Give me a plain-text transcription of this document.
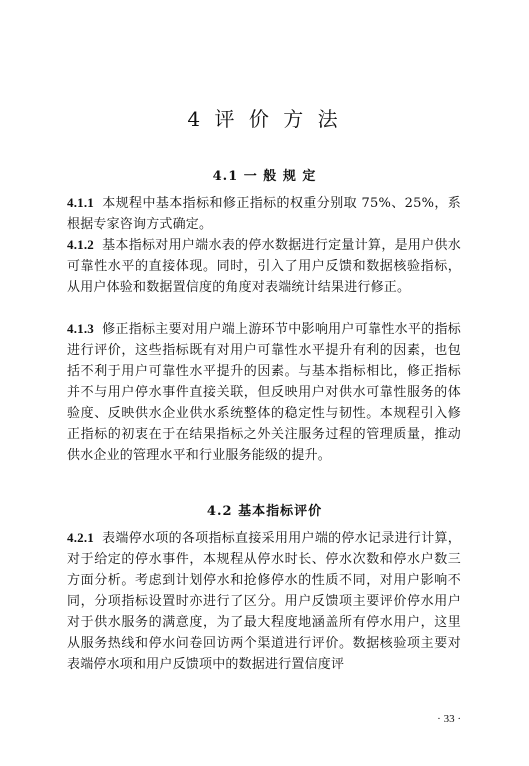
4 评 价 方 法
4.1 一 般 规 定
4.1.1 本规程中基本指标和修正指标的权重分别取 75%、25%，系根据专家咨询方式确定。
4.1.2 基本指标对用户端水表的停水数据进行定量计算，是用户供水可靠性水平的直接体现。同时，引入了用户反馈和数据核验指标，从用户体验和数据置信度的角度对表端统计结果进行修正。
4.1.3 修正指标主要对用户端上游环节中影响用户可靠性水平的指标进行评价，这些指标既有对用户可靠性水平提升有利的因素，也包括不利于用户可靠性水平提升的因素。与基本指标相比，修正指标并不与用户停水事件直接关联，但反映用户对供水可靠性服务的体验度、反映供水企业供水系统整体的稳定性与韧性。本规程引入修正指标的初衷在于在结果指标之外关注服务过程的管理质量，推动供水企业的管理水平和行业服务能级的提升。
4.2 基本指标评价
4.2.1 表端停水项的各项指标直接采用用户端的停水记录进行计算，对于给定的停水事件，本规程从停水时长、停水次数和停水户数三方面分析。考虑到计划停水和抢修停水的性质不同，对用户影响不同，分项指标设置时亦进行了区分。用户反馈项主要评价停水用户对于供水服务的满意度，为了最大程度地涵盖所有停水用户，这里从服务热线和停水问卷回访两个渠道进行评价。数据核验项主要对表端停水项和用户反馈项中的数据进行置信度评
· 33 ·
